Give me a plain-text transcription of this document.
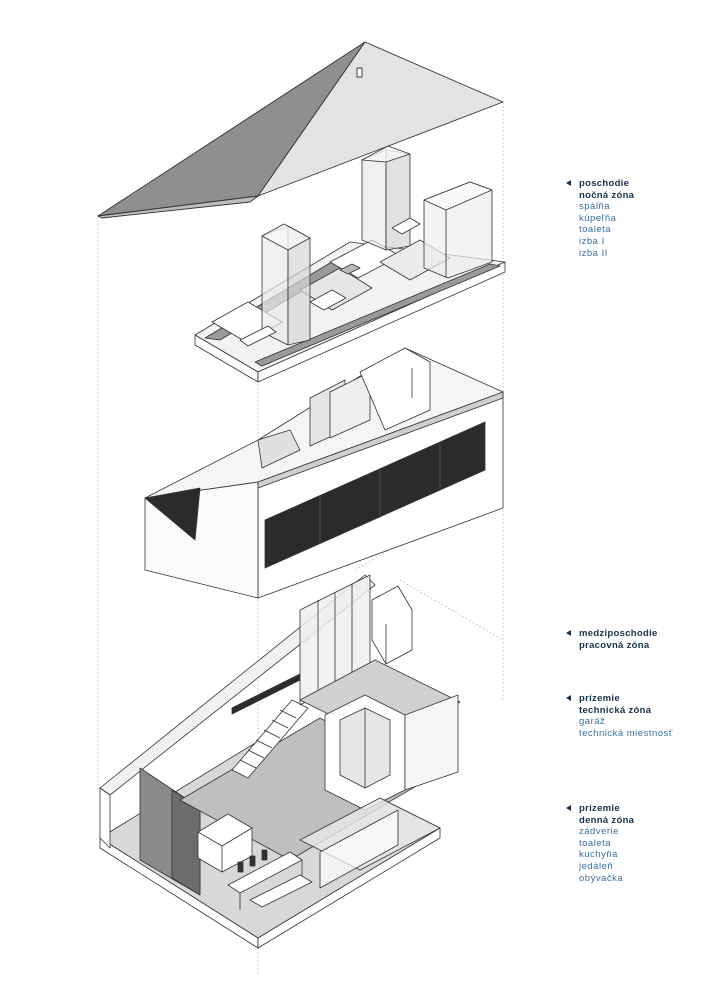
poschodie
nočná zóna
spálňa
kúpeľňa
toaleta
izba I
izba II
medziposchodie
pracovná zóna
prízemie
technická zóna
garáž
technická miestnosť
prízemie
denná zóna
zádverie
toaleta
kuchyňa
jedáleň
obývačka
